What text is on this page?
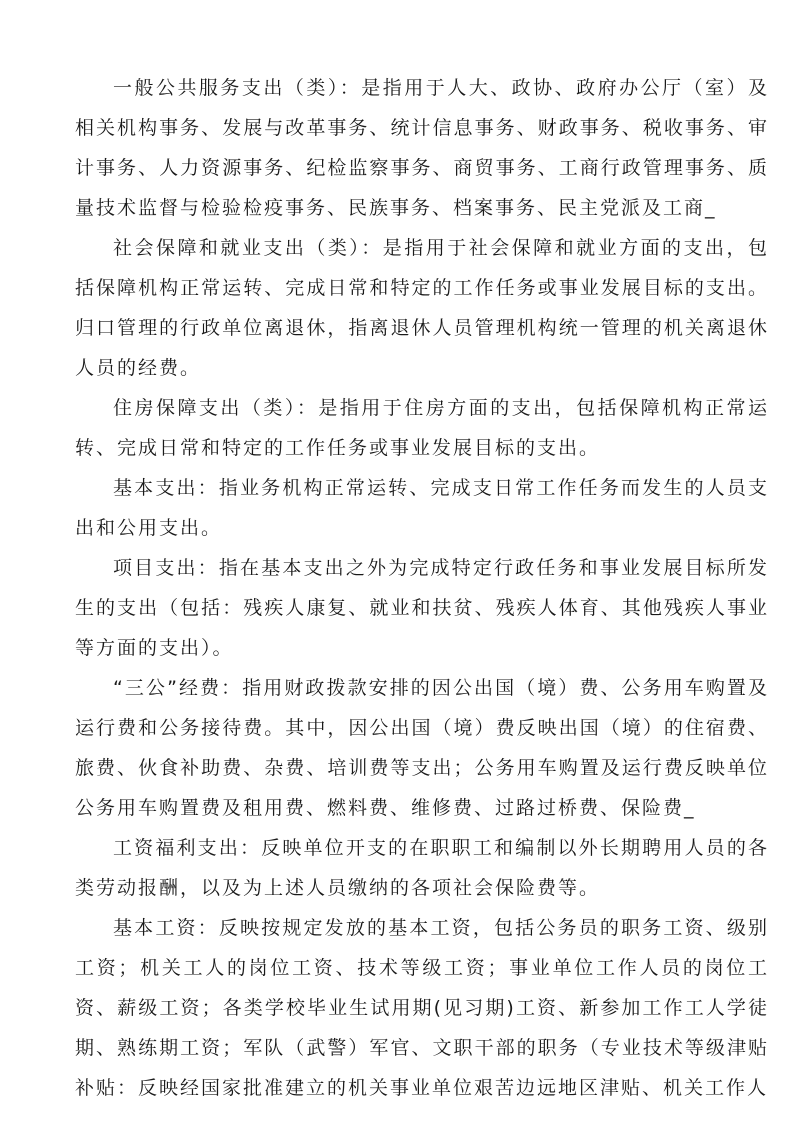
一般公共服务支出（类）：是指用于人大、政协、政府办公厅（室）及相关机构事务、发展与改革事务、统计信息事务、财政事务、税收事务、审计事务、人力资源事务、纪检监察事务、商贸事务、工商行政管理事务、质量技术监督与检验检疫事务、民族事务、档案事务、民主党派及工商_

社会保障和就业支出（类）：是指用于社会保障和就业方面的支出，包括保障机构正常运转、完成日常和特定的工作任务或事业发展目标的支出。归口管理的行政单位离退休，指离退休人员管理机构统一管理的机关离退休人员的经费。

住房保障支出（类）：是指用于住房方面的支出，包括保障机构正常运转、完成日常和特定的工作任务或事业发展目标的支出。

基本支出：指业务机构正常运转、完成支日常工作任务而发生的人员支出和公用支出。

项目支出：指在基本支出之外为完成特定行政任务和事业发展目标所发生的支出（包括：残疾人康复、就业和扶贫、残疾人体育、其他残疾人事业等方面的支出）。

“三公”经费：指用财政拨款安排的因公出国（境）费、公务用车购置及运行费和公务接待费。其中，因公出国（境）费反映出国（境）的住宿费、旅费、伙食补助费、杂费、培训费等支出；公务用车购置及运行费反映单位公务用车购置费及租用费、燃料费、维修费、过路过桥费、保险费_

工资福利支出：反映单位开支的在职职工和编制以外长期聘用人员的各类劳动报酬，以及为上述人员缴纳的各项社会保险费等。

基本工资：反映按规定发放的基本工资，包括公务员的职务工资、级别工资；机关工人的岗位工资、技术等级工资；事业单位工作人员的岗位工资、薪级工资；各类学校毕业生试用期(见习期)工资、新参加工作工人学徒期、熟练期工资；军队（武警）军官、文职干部的职务（专业技术等级津贴补贴：反映经国家批准建立的机关事业单位艰苦边远地区津贴、机关工作人
